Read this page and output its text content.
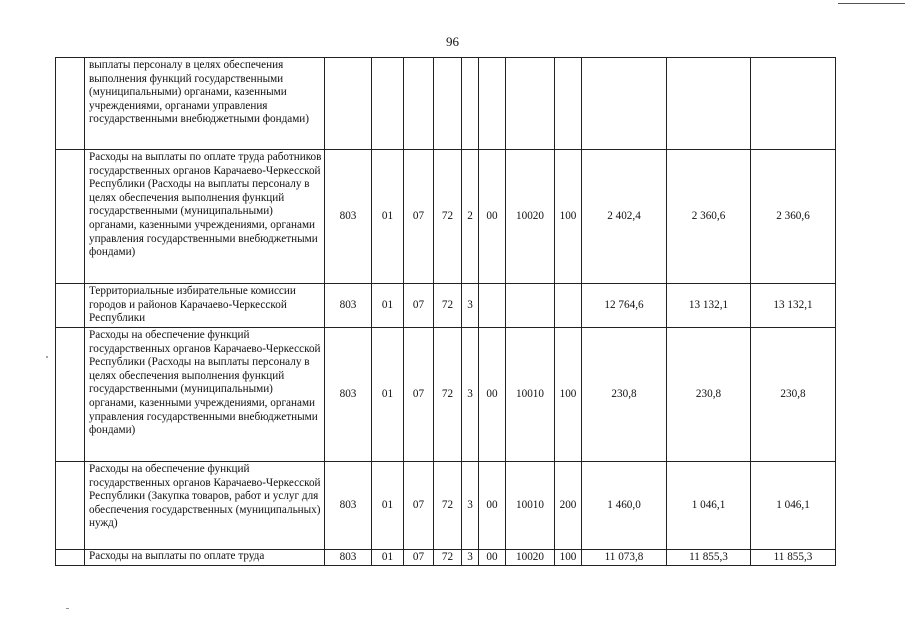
96
	выплаты персоналу в целях обеспечения выполнения функций государственными (муниципальными) органами, казенными учреждениями, органами управления государственными внебюджетными фондами)											
	Расходы на выплаты по оплате труда работников государственных органов Карачаево-Черкесской Республики (Расходы на выплаты персоналу в целях обеспечения выполнения функций государственными (муниципальными) органами, казенными учреждениями, органами управления государственными внебюджетными фондами)	803	01	07	72	2	00	10020	100	2 402,4	2 360,6	2 360,6
	Территориальные избирательные комиссии городов и районов Карачаево-Черкесской Республики	803	01	07	72	3				12 764,6	13 132,1	13 132,1
	Расходы на обеспечение функций государственных органов Карачаево-Черкесской Республики (Расходы на выплаты персоналу в целях обеспечения выполнения функций государственными (муниципальными) органами, казенными учреждениями, органами управления государственными внебюджетными фондами)	803	01	07	72	3	00	10010	100	230,8	230,8	230,8
	Расходы на обеспечение функций государственных органов Карачаево-Черкесской Республики (Закупка товаров, работ и услуг для обеспечения государственных (муниципальных) нужд)	803	01	07	72	3	00	10010	200	1 460,0	1 046,1	1 046,1
	Расходы на выплаты по оплате труда	803	01	07	72	3	00	10020	100	11 073,8	11 855,3	11 855,3
